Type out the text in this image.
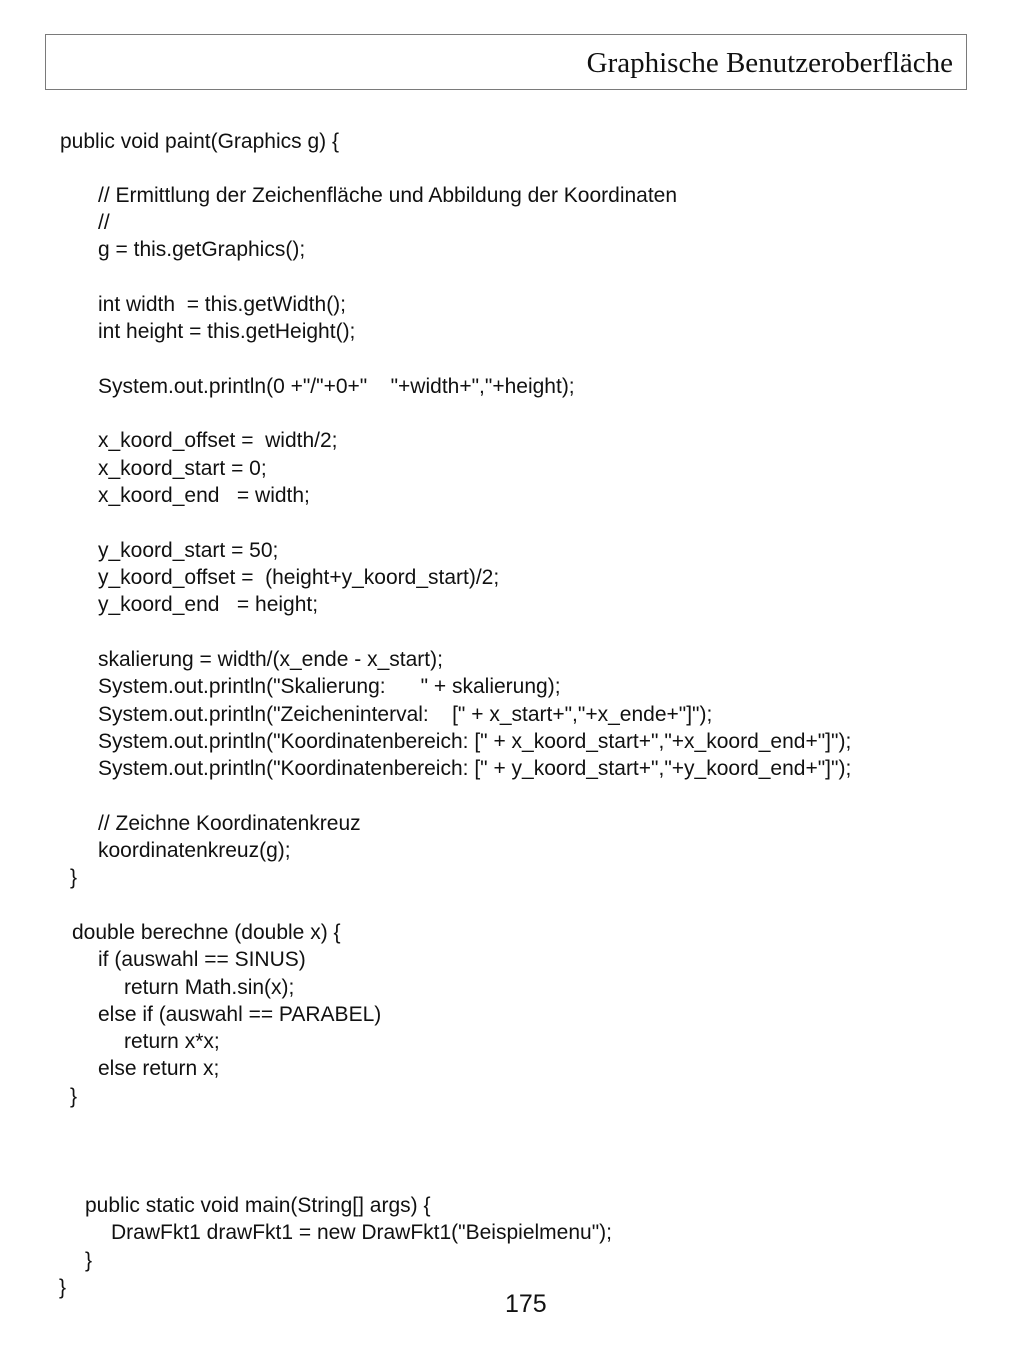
Graphische Benutzeroberfläche
public void paint(Graphics g) {
// Ermittlung der Zeichenfläche und Abbildung der Koordinaten
//
g = this.getGraphics();
int width  = this.getWidth();
int height = this.getHeight();
System.out.println(0 +"/"+0+"    "+width+","+height);
x_koord_offset =  width/2;
x_koord_start = 0;
x_koord_end   = width;
y_koord_start = 50;
y_koord_offset =  (height+y_koord_start)/2;
y_koord_end   = height;
skalierung = width/(x_ende - x_start);
System.out.println("Skalierung:      " + skalierung);
System.out.println("Zeicheninterval:    [" + x_start+","+x_ende+"]");
System.out.println("Koordinatenbereich: [" + x_koord_start+","+x_koord_end+"]");
System.out.println("Koordinatenbereich: [" + y_koord_start+","+y_koord_end+"]");
// Zeichne Koordinatenkreuz
koordinatenkreuz(g);
}
double berechne (double x) {
if (auswahl == SINUS)
return Math.sin(x);
else if (auswahl == PARABEL)
return x*x;
else return x;
}
public static void main(String[] args) {
DrawFkt1 drawFkt1 = new DrawFkt1("Beispielmenu");
}
}
175
